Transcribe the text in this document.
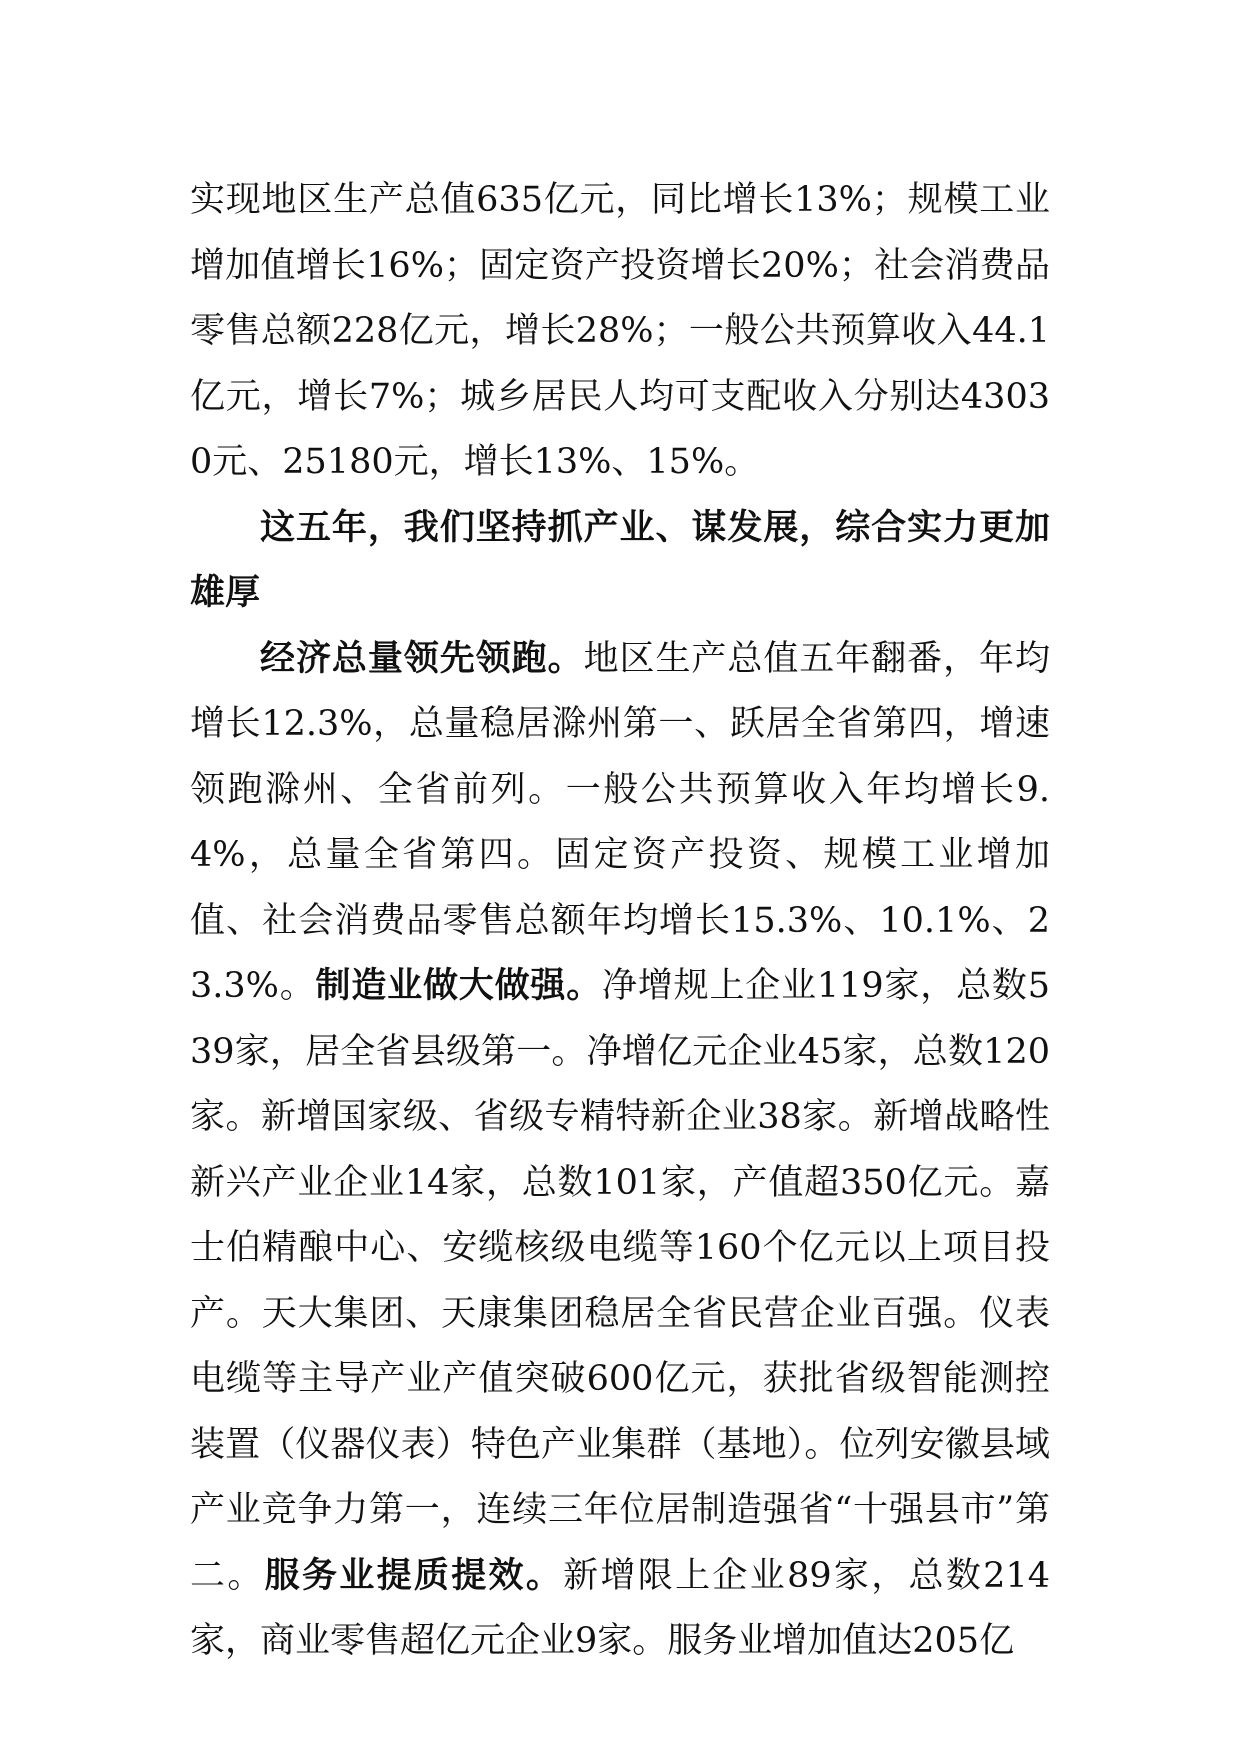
实现地区生产总值635亿元，同比增长13%；规模工业增加值增长16%；固定资产投资增长20%；社会消费品零售总额228亿元，增长28%；一般公共预算收入44.1亿元，增长7%；城乡居民人均可支配收入分别达43030元、25180元，增长13%、15%。

这五年，我们坚持抓产业、谋发展，综合实力更加雄厚

经济总量领先领跑。地区生产总值五年翻番，年均增长12.3%，总量稳居滁州第一、跃居全省第四，增速领跑滁州、全省前列。一般公共预算收入年均增长9.4%，总量全省第四。固定资产投资、规模工业增加值、社会消费品零售总额年均增长15.3%、10.1%、23.3%。制造业做大做强。净增规上企业119家，总数539家，居全省县级第一。净增亿元企业45家，总数120家。新增国家级、省级专精特新企业38家。新增战略性新兴产业企业14家，总数101家，产值超350亿元。嘉士伯精酿中心、安缆核级电缆等160个亿元以上项目投产。天大集团、天康集团稳居全省民营企业百强。仪表电缆等主导产业产值突破600亿元，获批省级智能测控装置（仪器仪表）特色产业集群（基地）。位列安徽县域产业竞争力第一，连续三年位居制造强省“十强县市”第二。服务业提质提效。新增限上企业89家，总数214家，商业零售超亿元企业9家。服务业增加值达205亿
